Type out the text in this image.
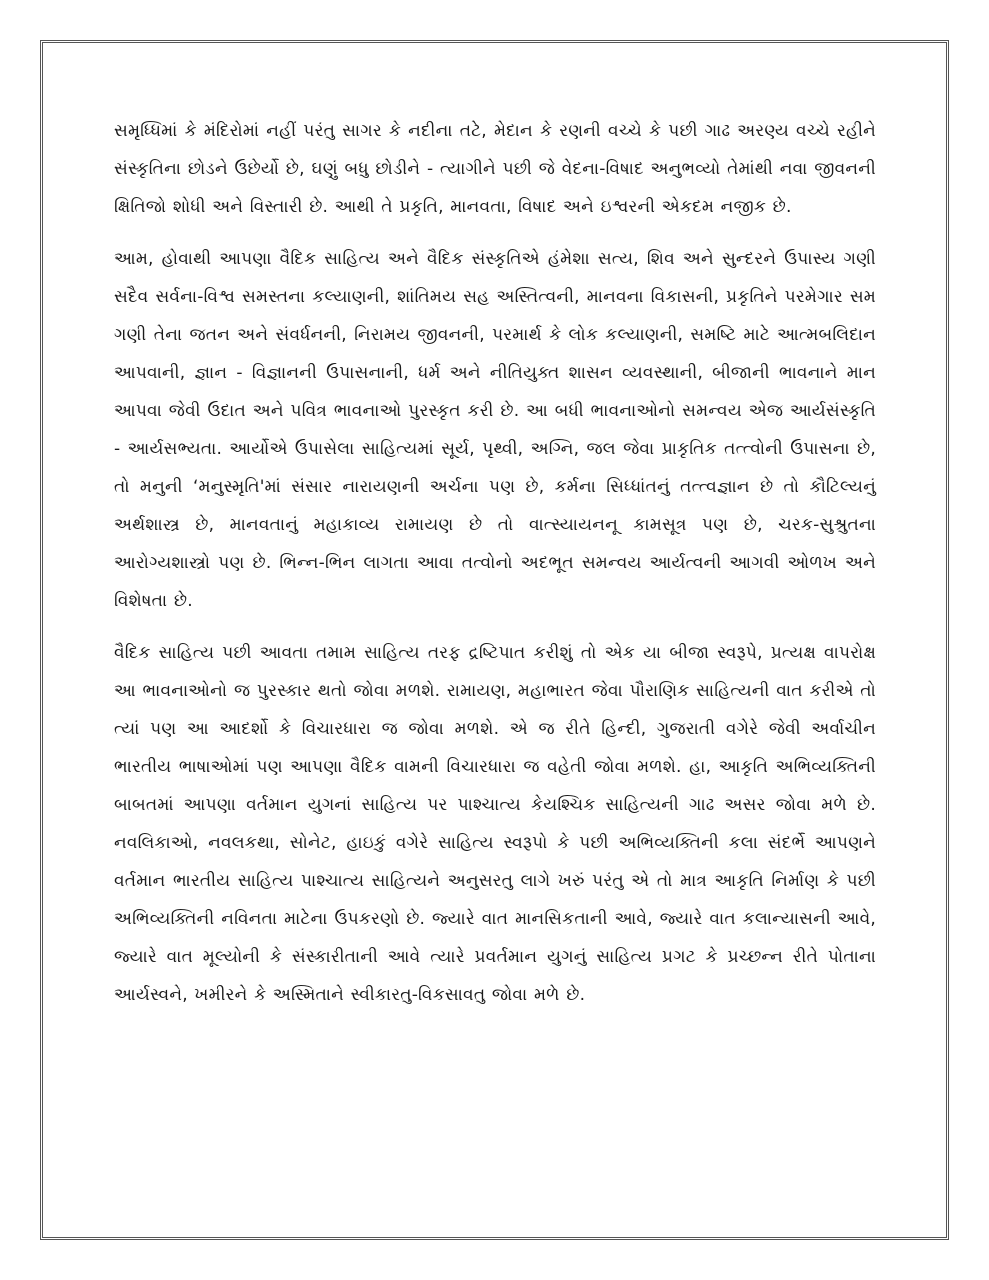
સમૃધ્ધિમાં કે મંદિરોમાં નહીં પરંતુ સાગર કે નદીના તટે, મેદાન કે રણની વચ્ચે કે પછી ગાઢ અરણ્ય વચ્ચે રહીને સંસ્કૃતિના છોડને ઉછેર્યો છે, ઘણું બધુ છોડીને - ત્યાગીને પછી જે વેદના-વિષાદ અનુભવ્યો તેમાંથી નવા જીવનની ક્ષિતિજો શોધી અને વિસ્તારી છે. આથી તે પ્રકૃતિ, માનવતા, વિષાદ અને ઇશ્વરની એકદમ નજીક છે.

આમ, હોવાથી આપણા વૈદિક સાહિત્ય અને વૈદિક સંસ્કૃતિએ હંમેશા સત્ય, શિવ અને સુન્દરને ઉપાસ્ય ગણી સદૈવ સર્વના-વિશ્વ સમસ્તના કલ્યાણની, શાંતિમય સહ અસ્તિત્વની, માનવના વિકાસની, પ્રકૃતિને પરમેગાર સમ ગણી તેના જતન અને સંવર્ધનની, નિરામય જીવનની, પરમાર્થ કે લોક કલ્યાણની, સમષ્ટિ માટે આત્મબલિદાન આપવાની, જ્ઞાન - વિજ્ઞાનની ઉપાસનાની, ધર્મ અને નીતિયુક્ત શાસન વ્યવસ્થાની, બીજાની ભાવનાને માન આપવા જેવી ઉદાત અને પવિત્ર ભાવનાઓ પુરસ્કૃત કરી છે. આ બધી ભાવનાઓનો સમન્વય એજ આર્યસંસ્કૃતિ - આર્યસભ્યતા. આર્યોએ ઉપાસેલા સાહિત્યમાં સૂર્ય, પૃથ્વી, અગ્નિ, જલ જેવા પ્રાકૃતિક તત્ત્વોની ઉપાસના છે, તો મનુની ‘મનુસ્મૃતિ'માં સંસાર નારાયણની અર્ચના પણ છે, કર્મના સિધ્ધાંતનું તત્ત્વજ્ઞાન છે તો કૌટિલ્યનું અર્થશાસ્ત્ર છે, માનવતાનું મહાકાવ્ય રામાયણ છે તો વાત્સ્યાયનનૂ કામસૂત્ર પણ છે, ચરક-સુશ્રુતના આરોગ્યશાસ્ત્રો પણ છે. ભિન્ન-ભિન લાગતા આવા તત્વોનો અદભૂત સમન્વય આર્યત્વની આગવી ઓળખ અને વિશેષતા છે.

વૈદિક સાહિત્ય પછી આવતા તમામ સાહિત્ય તરફ દ્રષ્ટિપાત કરીશું તો એક યા બીજા સ્વરૂપે, પ્રત્યક્ષ વાપરોક્ષ આ ભાવનાઓનો જ પુરસ્કાર થતો જોવા મળશે. રામાયણ, મહાભારત જેવા પૌરાણિક સાહિત્યની વાત કરીએ તો ત્યાં પણ આ આદર્શો કે વિચારધારા જ જોવા મળશે. એ જ રીતે હિન્દી, ગુજરાતી વગેરે જેવી અર્વાચીન ભારતીય ભાષાઓમાં પણ આપણા વૈદિક વામની વિચારધારા જ વહેતી જોવા મળશે. હા, આકૃતિ અભિવ્યક્તિની બાબતમાં આપણા વર્તમાન યુગનાં સાહિત્ય પર પાશ્ચાત્ય કેયશ્ચિક સાહિત્યની ગાઢ અસર જોવા મળે છે. નવલિકાઓ, નવલકથા, સોનેટ, હાઇકું વગેરે સાહિત્ય સ્વરૂપો કે પછી અભિવ્યક્તિની કલા સંદર્ભે આપણને વર્તમાન ભારતીય સાહિત્ય પાશ્ચાત્ય સાહિત્યને અનુસરતુ લાગે ખરું પરંતુ એ તો માત્ર આકૃતિ નિર્માણ કે પછી અભિવ્યક્તિની નવિનતા માટેના ઉપકરણો છે. જ્યારે વાત માનસિકતાની આવે, જ્યારે વાત કલાન્યાસની આવે, જ્યારે વાત મૂલ્યોની કે સંસ્કારીતાની આવે ત્યારે પ્રવર્તમાન યુગનું સાહિત્ય પ્રગટ કે પ્રચ્છન્ન રીતે પોતાના આર્યસ્વને, ખમીરને કે અસ્મિતાને સ્વીકારતુ-વિકસાવતુ જોવા મળે છે.
